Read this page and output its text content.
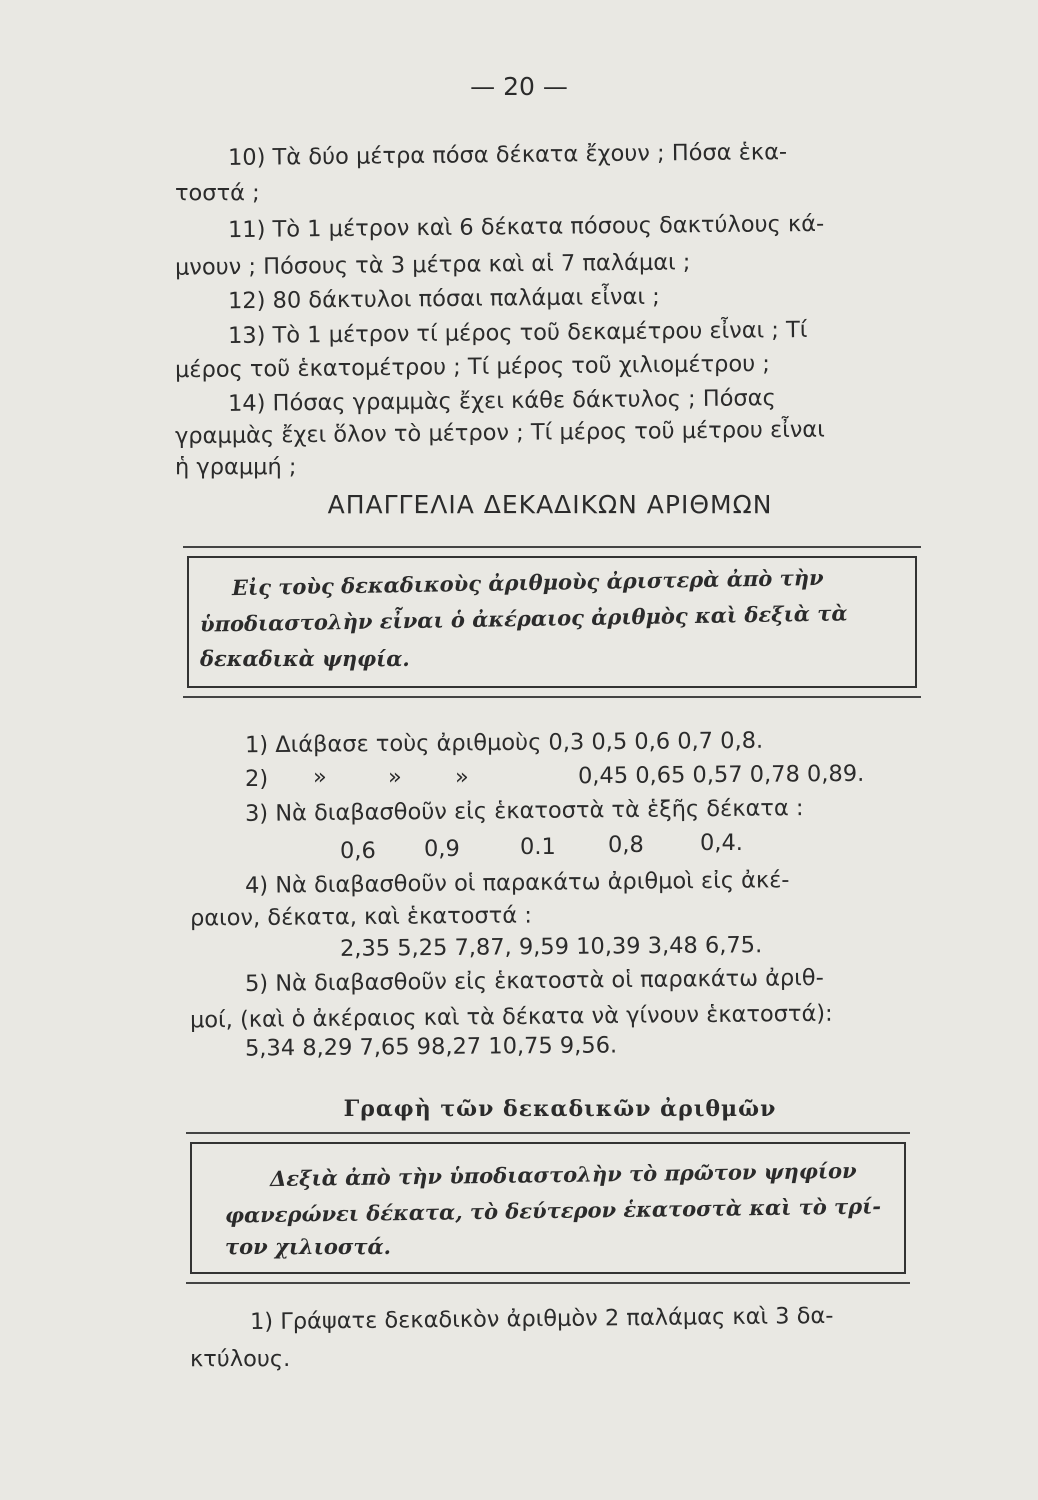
— 20 —
10) Τὰ δύο μέτρα πόσα δέκατα ἔχουν ; Πόσα ἑκα-
τοστά ;
11) Τὸ 1 μέτρον καὶ 6 δέκατα πόσους δακτύλους κά-
μνουν ; Πόσους τὰ 3 μέτρα καὶ αἱ 7 παλάμαι ;
12) 80 δάκτυλοι πόσαι παλάμαι εἶναι ;
13) Τὸ 1 μέτρον τί μέρος τοῦ δεκαμέτρου εἶναι ; Τί
μέρος τοῦ ἑκατομέτρου ; Τί μέρος τοῦ χιλιομέτρου ;
14) Πόσας γραμμὰς ἔχει κάθε δάκτυλος ; Πόσας
γραμμὰς ἔχει ὅλον τὸ μέτρον ; Τί μέρος τοῦ μέτρου εἶναι
ἡ γραμμή ;
ΑΠΑΓΓΕΛΙΑ ΔΕΚΑΔΙΚΩΝ ΑΡΙΘΜΩΝ
Εἰς τοὺς δεκαδικοὺς ἀριθμοὺς ἀριστερὰ ἀπὸ τὴν
ὑποδιαστολὴν εἶναι ὁ ἀκέραιος ἀριθμὸς καὶ δεξιὰ τὰ
δεκαδικὰ ψηφία.
1) Διάβασε τοὺς ἀριθμοὺς 0,3 0,5 0,6 0,7 0,8.
2) »	» »	0,45 0,65 0,57 0,78 0,89.
3) Νὰ διαβασθοῦν εἰς ἑκατοστὰ τὰ ἑξῆς δέκατα :
0,6 0,9	0.1 0,8 0,4.
4) Νὰ διαβασθοῦν οἱ παρακάτω ἀριθμοὶ εἰς ἀκέ-
ραιον, δέκατα, καὶ ἑκατοστά :
2,35 5,25 7,87, 9,59 10,39 3,48 6,75.
5) Νὰ διαβασθοῦν εἰς ἑκατοστὰ οἱ παρακάτω ἀριθ-
μοί, (καὶ ὁ ἀκέραιος καὶ τὰ δέκατα νὰ γίνουν ἑκατοστά):
5,34 8,29 7,65 98,27 10,75 9,56.
Γραφὴ τῶν δεκαδικῶν ἀριθμῶν
Δεξιὰ ἀπὸ τὴν ὑποδιαστολὴν τὸ πρῶτον ψηφίον
φανερώνει δέκατα, τὸ δεύτερον ἑκατοστὰ καὶ τὸ τρί-
τον χιλιοστά.
1) Γράψατε δεκαδικὸν ἀριθμὸν 2 παλάμας καὶ 3 δα-
κτύλους.
